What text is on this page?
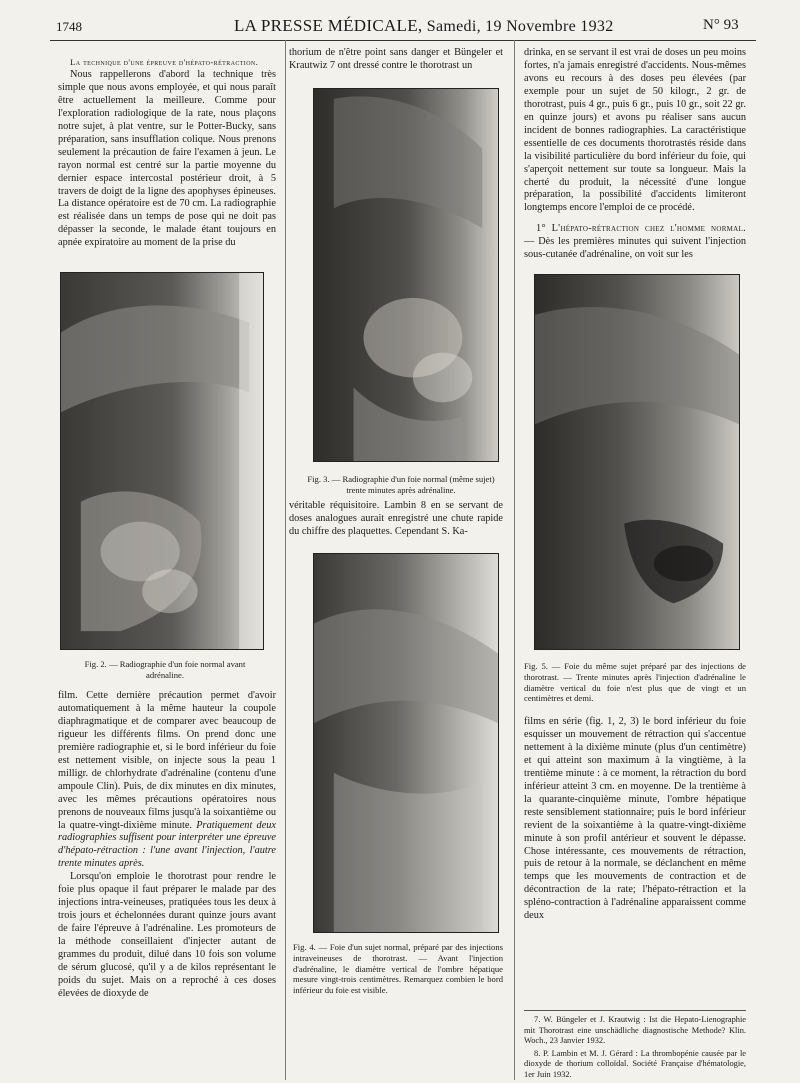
1748	LA PRESSE MÉDICALE, Samedi, 19 Novembre 1932	N° 93

La technique d'une épreuve d'hépato-rétraction.

Nous rappellerons d'abord la technique très simple que nous avons employée, et qui nous paraît être actuellement la meilleure. Comme pour l'exploration radiologique de la rate, nous plaçons notre sujet, à plat ventre, sur le Potter-Bucky, sans préparation, sans insufflation colique. Nous prenons seulement la précaution de faire l'examen à jeun. Le rayon normal est centré sur la partie moyenne du dernier espace intercostal postérieur droit, à 5 travers de doigt de la ligne des apophyses épineuses. La distance opératoire est de 70 cm. La radiographie est réalisée dans un temps de pose qui ne doit pas dépasser la seconde, le malade étant toujours en apnée expiratoire au moment de la prise du

Fig. 2. — Radiographie d'un foie normal avant adrénaline.

film. Cette dernière précaution permet d'avoir automatiquement à la même hauteur la coupole diaphragmatique et de comparer avec beaucoup de rigueur les différents films. On prend donc une première radiographie et, si le bord inférieur du foie est nettement visible, on injecte sous la peau 1 milligr. de chlorhydrate d'adrénaline (contenu d'une ampoule Clin). Puis, de dix minutes en dix minutes, avec les mêmes précautions opératoires nous prenons de nouveaux films jusqu'à la soixantième ou la quatre-vingt-dixième minute. Pratiquement deux radiographies suffisent pour interpréter une épreuve d'hépato-rétraction : l'une avant l'injection, l'autre trente minutes après.

Lorsqu'on emploie le thorotrast pour rendre le foie plus opaque il faut préparer le malade par des injections intra-veineuses, pratiquées tous les deux à trois jours et échelonnées durant quinze jours avant de faire l'épreuve à l'adrénaline. Les promoteurs de la méthode conseillaient d'injecter autant de grammes du produit, dilué dans 10 fois son volume de sérum glucosé, qu'il y a de kilos représentant le poids du sujet. Mais on a reproché à ces doses élevées de dioxyde de

thorium de n'être point sans danger et Büngeler et Krautwiz 7 ont dressé contre le thorotrast un

Fig. 3. — Radiographie d'un foie normal (même sujet) trente minutes après adrénaline.

véritable réquisitoire. Lambin 8 en se servant de doses analogues aurait enregistré une chute rapide du chiffre des plaquettes. Cependant S. Ka-

Fig. 4. — Foie d'un sujet normal, préparé par des injections intraveineuses de thorotrast. — Avant l'injection d'adrénaline, le diamètre vertical de l'ombre hépatique mesure vingt-trois centimètres. Remarquez combien le bord inférieur du foie est visible.

drinka, en se servant il est vrai de doses un peu moins fortes, n'a jamais enregistré d'accidents. Nous-mêmes avons eu recours à des doses peu élevées (par exemple pour un sujet de 50 kilogr., 2 gr. de thorotrast, puis 4 gr., puis 6 gr., puis 10 gr., soit 22 gr. en quinze jours) et avons pu réaliser sans aucun incident de bonnes radiographies. La caractéristique essentielle de ces documents thorotrastés réside dans la visibilité particulière du bord inférieur du foie, qui s'aperçoit nettement sur toute sa longueur. Mais la cherté du produit, la nécessité d'une longue préparation, la possibilité d'accidents limiteront longtemps encore l'emploi de ce procédé.

1° L'hépato-rétraction chez l'homme normal. — Dès les premières minutes qui suivent l'injection sous-cutanée d'adrénaline, on voit sur les

Fig. 5. — Foie du même sujet préparé par des injections de thorotrast. — Trente minutes après l'injection d'adrénaline le diamètre vertical du foie n'est plus que de vingt et un centimètres et demi.

films en série (fig. 1, 2, 3) le bord inférieur du foie esquisser un mouvement de rétraction qui s'accentue nettement à la dixième minute (plus d'un centimètre) et qui atteint son maximum à la vingtième, à la trentième minute : à ce moment, la rétraction du bord inférieur atteint 3 cm. en moyenne. De la trentième à la quarante-cinquième minute, l'ombre hépatique reste sensiblement stationnaire; puis le bord inférieur revient de la soixantième à la quatre-vingt-dixième minute à son profil antérieur et souvent le dépasse. Chose intéressante, ces mouvements de rétraction, puis de retour à la normale, se déclanchent en même temps que les mouvements de contraction et de décontraction de la rate; l'hépato-rétraction et la spléno-contraction à l'adrénaline apparaissent comme deux

7. W. Büngeler et J. Krautwig : Ist die Hepato-Lienographie mit Thorotrast eine unschädliche diagnostische Methode? Klin. Woch., 23 Janvier 1932.

8. P. Lambin et M. J. Gérard : La thrombopénie causée par le dioxyde de thorium colloïdal. Société Française d'hématologie, 1er Juin 1932.
